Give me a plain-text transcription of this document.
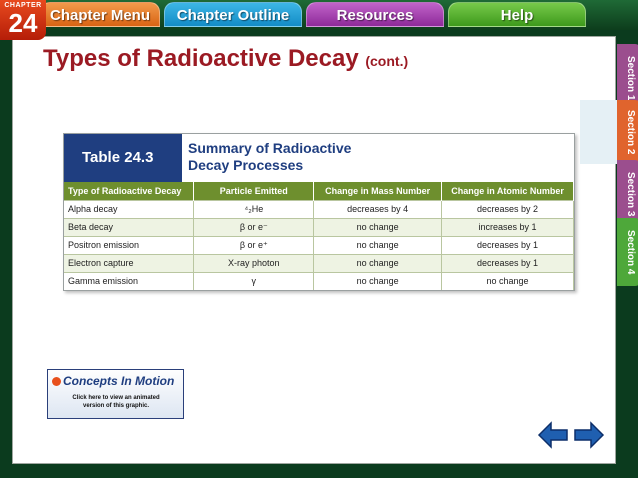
CHAPTER
24 Chapter Menu	Chapter Outline	Resources	Help
Types of Radioactive Decay (cont.)
Table 24.3
Summary of Radioactive
Decay Processes
Type of Radioactive Decay	Particle Emitted	Change in Mass Number	Change in Atomic Number
Alpha decay	⁴₂He	decreases by 4	decreases by 2
Beta decay	β or e⁻	no change	increases by 1
Positron emission	β or e⁺	no change	decreases by 1
Electron capture	X-ray photon	no change	decreases by 1
Gamma emission	γ	no change	no change
Concepts In Motion
Click here to view an animated
version of this graphic.
Section 1
Section 2
Section 3
Section 4
